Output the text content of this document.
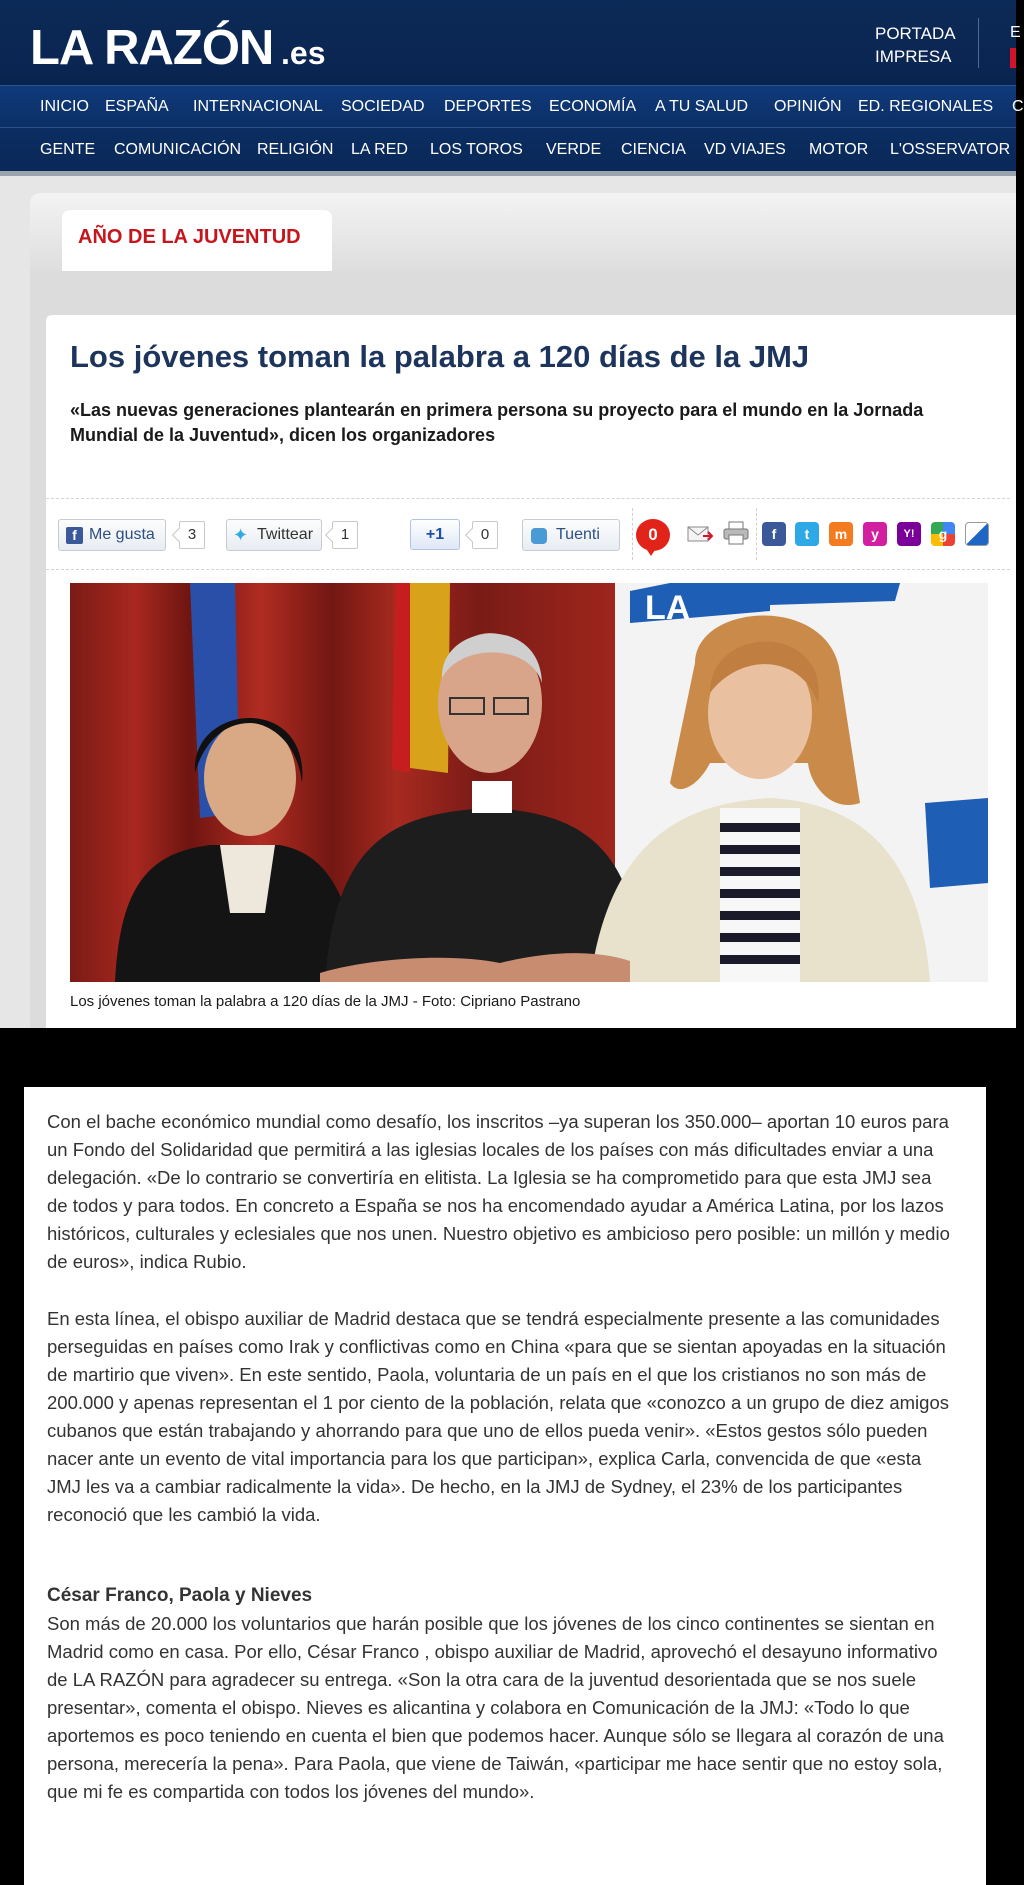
LA RAZÓN .es
PORTADA
IMPRESA
E
INICIO ESPAÑA INTERNACIONAL SOCIEDAD DEPORTES ECONOMÍA A TU SALUD OPINIÓN ED. REGIONALES C
GENTE COMUNICACIÓN RELIGIÓN LA RED LOS TOROS VERDE CIENCIA VD VIAJES MOTOR L'OSSERVATOR
AÑO DE LA JUVENTUD
Los jóvenes toman la palabra a 120 días de la JMJ

«Las nuevas generaciones plantearán en primera persona su proyecto para el mundo en la Jornada Mundial de la Juventud», dicen los organizadores

f Me gusta	3	✦ Twittear	1	+1	0	Tuenti	0	f	t	m	y	Y!	g
LA
Los jóvenes toman la palabra a 120 días de la JMJ - Foto: Cipriano Pastrano

Con el bache económico mundial como desafío, los inscritos –ya superan los 350.000– aportan 10 euros para un Fondo del Solidaridad que permitirá a las iglesias locales de los países con más dificultades enviar a una delegación. «De lo contrario se convertiría en elitista. La Iglesia se ha comprometido para que esta JMJ sea de todos y para todos. En concreto a España se nos ha encomendado ayudar a América Latina, por los lazos históricos, culturales y eclesiales que nos unen. Nuestro objetivo es ambicioso pero posible: un millón y medio de euros», indica Rubio.

En esta línea, el obispo auxiliar de Madrid destaca que se tendrá especialmente presente a las comunidades perseguidas en países como Irak y conflictivas como en China «para que se sientan apoyadas en la situación de martirio que viven». En este sentido, Paola, voluntaria de un país en el que los cristianos no son más de 200.000 y apenas representan el 1 por ciento de la población, relata que «conozco a un grupo de diez amigos cubanos que están trabajando y ahorrando para que uno de ellos pueda venir». «Estos gestos sólo pueden nacer ante un evento de vital importancia para los que participan», explica Carla, convencida de que «esta JMJ les va a cambiar radicalmente la vida». De hecho, en la JMJ de Sydney, el 23% de los participantes reconoció que les cambió la vida.

César Franco, Paola y Nieves

Son más de 20.000 los voluntarios que harán posible que los jóvenes de los cinco continentes se sientan en Madrid como en casa. Por ello, César Franco , obispo auxiliar de Madrid, aprovechó el desayuno informativo de LA RAZÓN para agradecer su entrega. «Son la otra cara de la juventud desorientada que se nos suele presentar», comenta el obispo. Nieves es alicantina y colabora en Comunicación de la JMJ: «Todo lo que aportemos es poco teniendo en cuenta el bien que podemos hacer. Aunque sólo se llegara al corazón de una persona, merecería la pena». Para Paola, que viene de Taiwán, «participar me hace sentir que no estoy sola, que mi fe es compartida con todos los jóvenes del mundo».
